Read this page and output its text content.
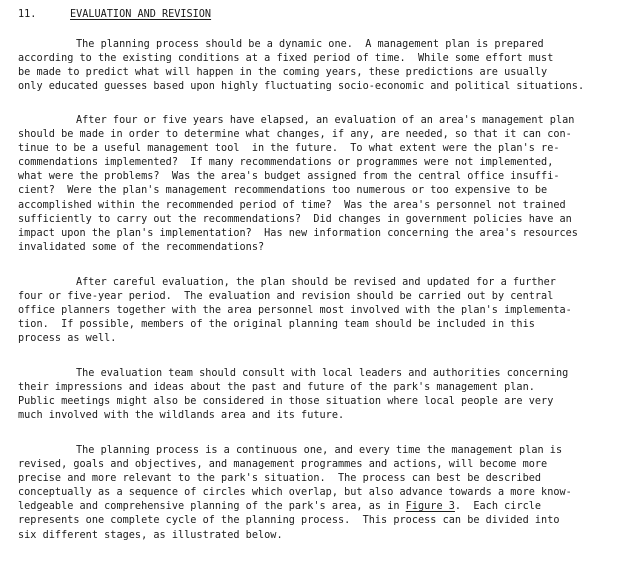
11.	EVALUATION AND REVISION
The planning process should be a dynamic one.  A management plan is prepared
according to the existing conditions at a fixed period of time.  While some effort must
be made to predict what will happen in the coming years, these predictions are usually
only educated guesses based upon highly fluctuating socio-economic and political situations.
After four or five years have elapsed, an evaluation of an area's management plan
should be made in order to determine what changes, if any, are needed, so that it can con-
tinue to be a useful management tool  in the future.  To what extent were the plan's re-
commendations implemented?  If many recommendations or programmes were not implemented,
what were the problems?  Was the area's budget assigned from the central office insuffi-
cient?  Were the plan's management recommendations too numerous or too expensive to be
accomplished within the recommended period of time?  Was the area's personnel not trained
sufficiently to carry out the recommendations?  Did changes in government policies have an
impact upon the plan's implementation?  Has new information concerning the area's resources
invalidated some of the recommendations?
After careful evaluation, the plan should be revised and updated for a further
four or five-year period.  The evaluation and revision should be carried out by central
office planners together with the area personnel most involved with the plan's implementa-
tion.  If possible, members of the original planning team should be included in this
process as well.
The evaluation team should consult with local leaders and authorities concerning
their impressions and ideas about the past and future of the park's management plan.
Public meetings might also be considered in those situation where local people are very
much involved with the wildlands area and its future.
The planning process is a continuous one, and every time the management plan is
revised, goals and objectives, and management programmes and actions, will become more
precise and more relevant to the park's situation.  The process can best be described
conceptually as a sequence of circles which overlap, but also advance towards a more know-
ledgeable and comprehensive planning of the park's area, as in Figure 3.  Each circle
represents one complete cycle of the planning process.  This process can be divided into
six different stages, as illustrated below.
